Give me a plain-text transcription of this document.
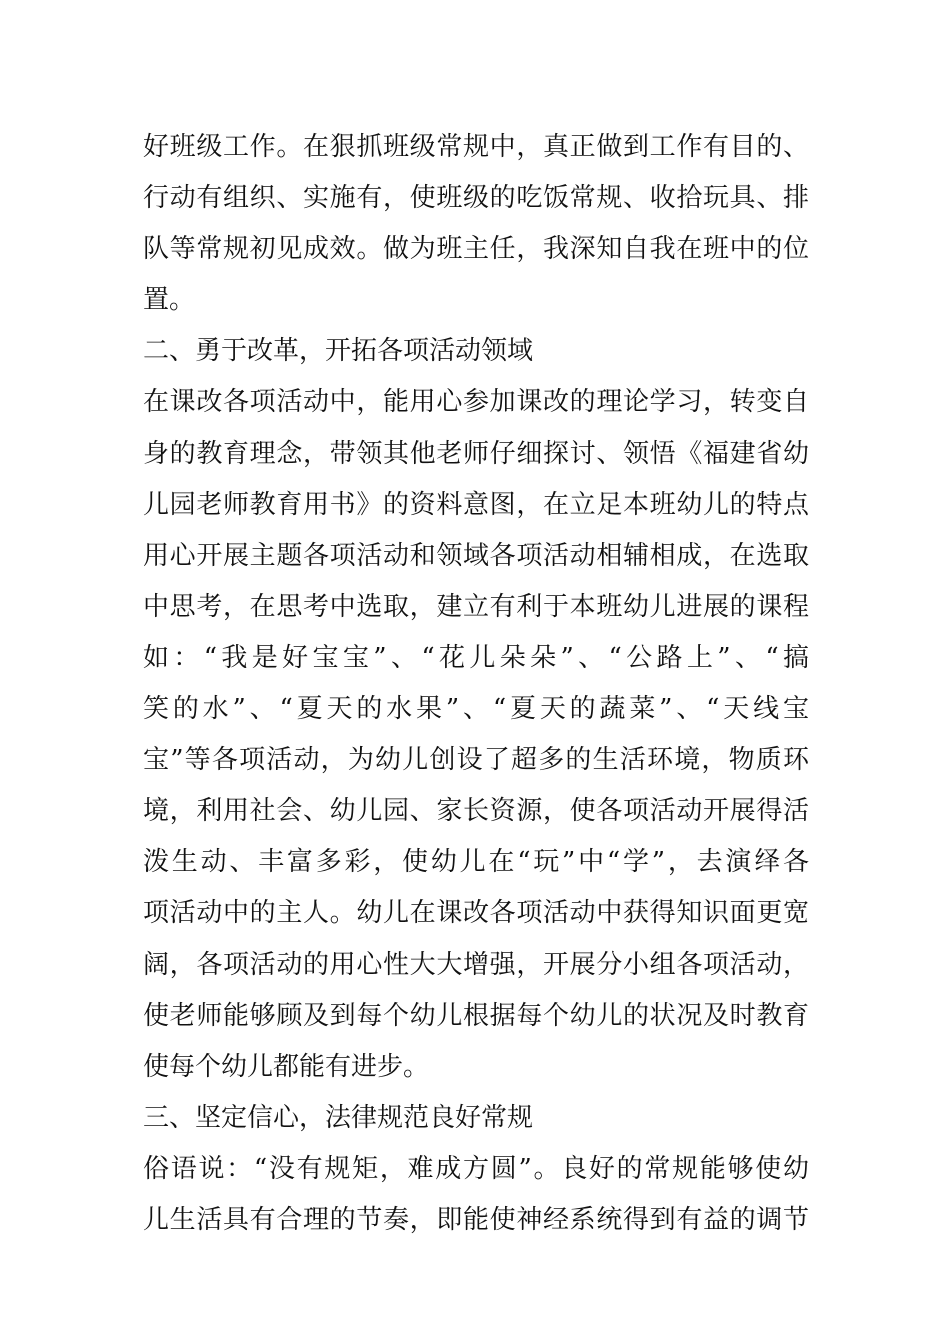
好班级工作。在狠抓班级常规中，真正做到工作有目的、
行动有组织、实施有，使班级的吃饭常规、收拾玩具、排
队等常规初见成效。做为班主任，我深知自我在班中的位
置。
二、勇于改革，开拓各项活动领域
在课改各项活动中，能用心参加课改的理论学习，转变自
身的教育理念，带领其他老师仔细探讨、领悟《福建省幼
儿园老师教育用书》的资料意图，在立足本班幼儿的特点
用心开展主题各项活动和领域各项活动相辅相成，在选取
中思考，在思考中选取，建立有利于本班幼儿进展的课程
如：“我是好宝宝”、“花儿朵朵”、“公路上”、“搞
笑的水”、“夏天的水果”、“夏天的蔬菜”、“天线宝
宝”等各项活动，为幼儿创设了超多的生活环境，物质环
境，利用社会、幼儿园、家长资源，使各项活动开展得活
泼生动、丰富多彩，使幼儿在“玩”中“学”，去演绎各
项活动中的主人。幼儿在课改各项活动中获得知识面更宽
阔，各项活动的用心性大大增强，开展分小组各项活动，
使老师能够顾及到每个幼儿根据每个幼儿的状况及时教育
使每个幼儿都能有进步。
三、坚定信心，法律规范良好常规
俗语说：“没有规矩，难成方圆”。良好的常规能够使幼
儿生活具有合理的节奏，即能使神经系统得到有益的调节
